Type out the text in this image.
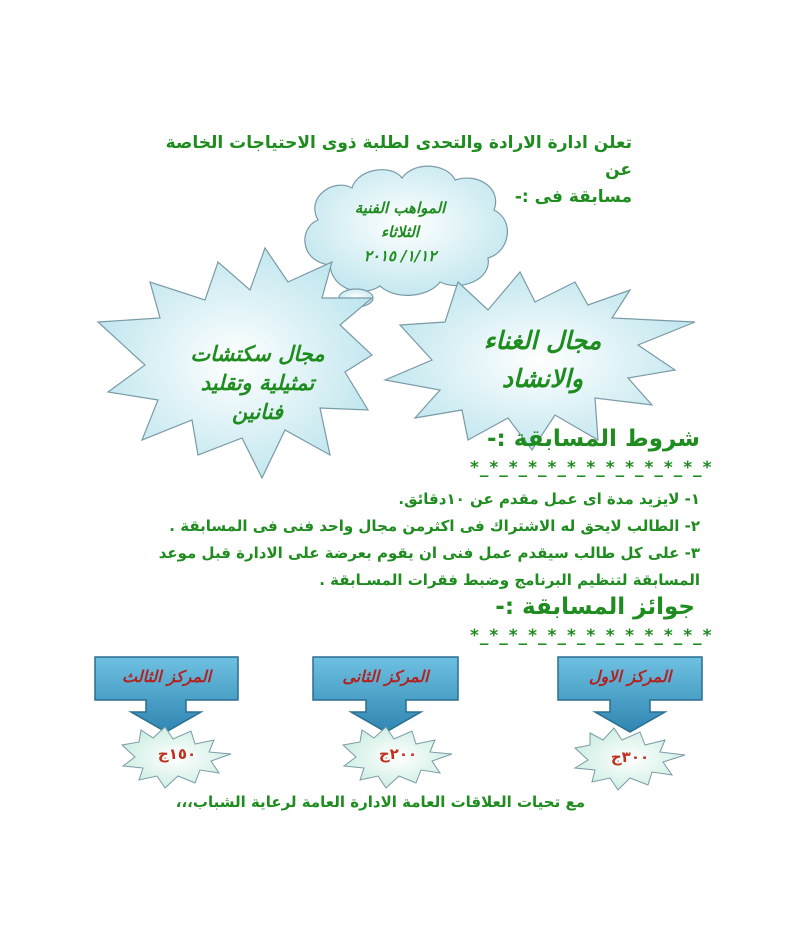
تعلن ادارة الارادة والتحدى لطلبة ذوى الاحتياجات الخاصة عن
مسابقة فى :-
المواهب الفنية
الثلاثاء
١/١٢/ ٢٠١٥
مجال الغناء
والانشاد
مجال سكتشات
تمثيلية وتقليد
فنانين
شروط المسابقة :-
*_*_*_*_*_*_*_*_*_*_*_*_*

١- لايزيد مدة اى عمل مقدم عن ١٠دقائق.

٢- الطالب لايحق له الاشتراك فى اكثرمن مجال واحد فنى فى المسابقة .

٣- على كل طالب سيقدم عمل فنى ان يقوم بعرضة على الادارة قبل موعد

المسابقة لتنظيم البرنامج وضبط فقرات المسـابقة .

جوائز المسابقة :-
*_*_*_*_*_*_*_*_*_*_*_*_*
المركز الاول
المركز الثانى
المركز الثالث
٣٠٠ج
٢٠٠ج
١٥٠ج
مع تحيات العلاقات العامة الادارة العامة لرعاية الشباب،،،
